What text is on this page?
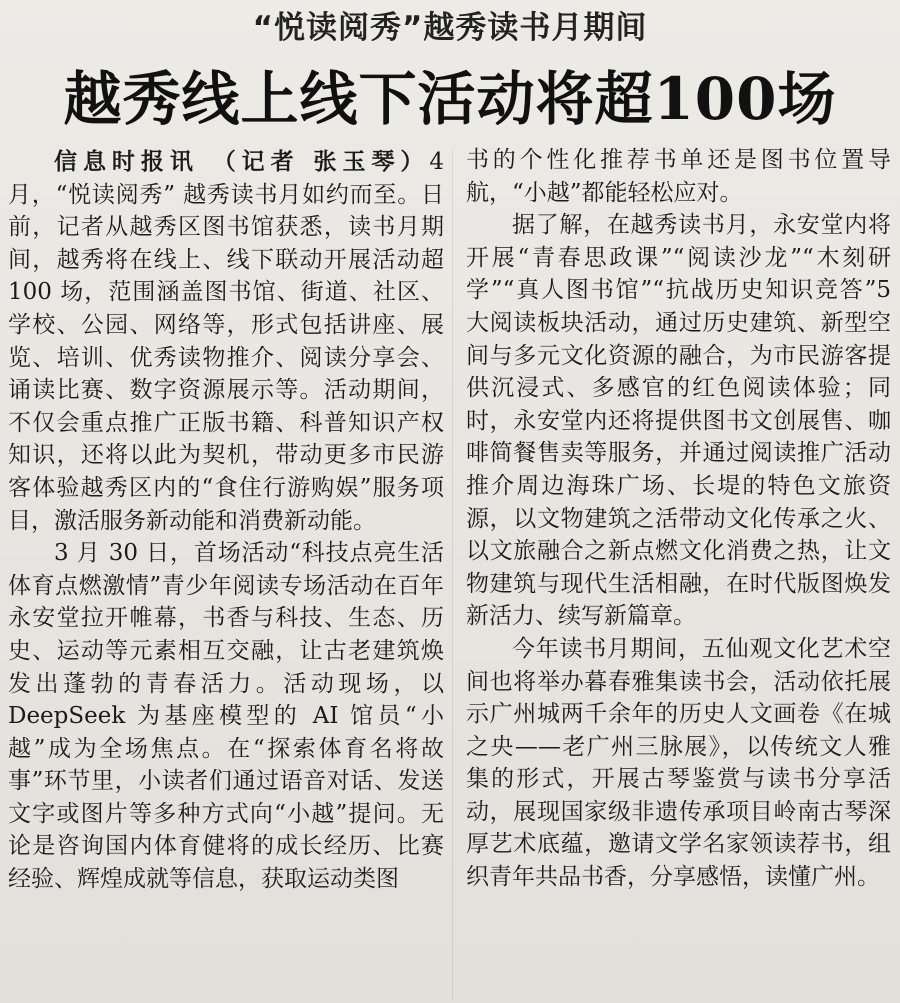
“悦读阅秀”越秀读书月期间
越秀线上线下活动将超100场

信息时报讯 （记者 张玉琴）4月，“悦读阅秀” 越秀读书月如约而至。日前，记者从越秀区图书馆获悉，读书月期间，越秀将在线上、线下联动开展活动超 100 场，范围涵盖图书馆、街道、社区、学校、公园、网络等，形式包括讲座、展览、培训、优秀读物推介、阅读分享会、诵读比赛、数字资源展示等。活动期间，不仅会重点推广正版书籍、科普知识产权知识，还将以此为契机，带动更多市民游客体验越秀区内的“食住行游购娱”服务项目，激活服务新动能和消费新动能。

3 月 30 日，首场活动“科技点亮生活 体育点燃激情”青少年阅读专场活动在百年永安堂拉开帷幕，书香与科技、生态、历史、运动等元素相互交融，让古老建筑焕发出蓬勃的青春活力。活动现场，以 DeepSeek 为基座模型的 AI 馆员“小越”成为全场焦点。在“探索体育名将故事”环节里，小读者们通过语音对话、发送文字或图片等多种方式向“小越”提问。无论是咨询国内体育健将的成长经历、比赛经验、辉煌成就等信息，获取运动类图

书的个性化推荐书单还是图书位置导航，“小越”都能轻松应对。

据了解，在越秀读书月，永安堂内将开展“青春思政课”“阅读沙龙”“木刻研学”“真人图书馆”“抗战历史知识竞答”5 大阅读板块活动，通过历史建筑、新型空间与多元文化资源的融合，为市民游客提供沉浸式、多感官的红色阅读体验；同时，永安堂内还将提供图书文创展售、咖啡简餐售卖等服务，并通过阅读推广活动推介周边海珠广场、长堤的特色文旅资源，以文物建筑之活带动文化传承之火、以文旅融合之新点燃文化消费之热，让文物建筑与现代生活相融，在时代版图焕发新活力、续写新篇章。

今年读书月期间，五仙观文化艺术空间也将举办暮春雅集读书会，活动依托展示广州城两千余年的历史人文画卷《在城之央——老广州三脉展》，以传统文人雅集的形式，开展古琴鉴赏与读书分享活动，展现国家级非遗传承项目岭南古琴深厚艺术底蕴，邀请文学名家领读荐书，组织青年共品书香，分享感悟，读懂广州。
